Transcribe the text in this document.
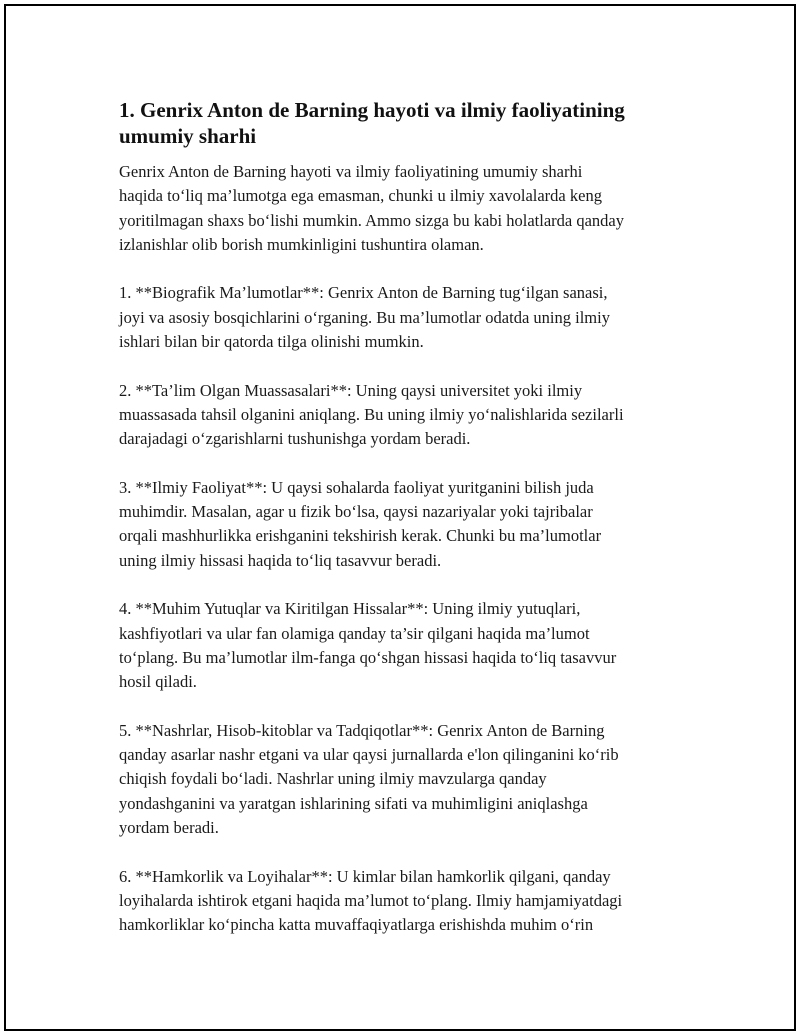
1. Genrix Anton de Barning hayoti va ilmiy faoliyatining
umumiy sharhi

Genrix Anton de Barning hayoti va ilmiy faoliyatining umumiy sharhi
haqida to‘liq ma’lumotga ega emasman, chunki u ilmiy xavolalarda keng
yoritilmagan shaxs bo‘lishi mumkin. Ammo sizga bu kabi holatlarda qanday
izlanishlar olib borish mumkinligini tushuntira olaman.

1. **Biografik Ma’lumotlar**: Genrix Anton de Barning tug‘ilgan sanasi,
joyi va asosiy bosqichlarini o‘rganing. Bu ma’lumotlar odatda uning ilmiy
ishlari bilan bir qatorda tilga olinishi mumkin.

2. **Ta’lim Olgan Muassasalari**: Uning qaysi universitet yoki ilmiy
muassasada tahsil olganini aniqlang. Bu uning ilmiy yo‘nalishlarida sezilarli
darajadagi o‘zgarishlarni tushunishga yordam beradi.

3. **Ilmiy Faoliyat**: U qaysi sohalarda faoliyat yuritganini bilish juda
muhimdir. Masalan, agar u fizik bo‘lsa, qaysi nazariyalar yoki tajribalar
orqali mashhurlikka erishganini tekshirish kerak. Chunki bu ma’lumotlar
uning ilmiy hissasi haqida to‘liq tasavvur beradi.

4. **Muhim Yutuqlar va Kiritilgan Hissalar**: Uning ilmiy yutuqlari,
kashfiyotlari va ular fan olamiga qanday ta’sir qilgani haqida ma’lumot
to‘plang. Bu ma’lumotlar ilm-fanga qo‘shgan hissasi haqida to‘liq tasavvur
hosil qiladi.

5. **Nashrlar, Hisob-kitoblar va Tadqiqotlar**: Genrix Anton de Barning
qanday asarlar nashr etgani va ular qaysi jurnallarda e'lon qilinganini ko‘rib
chiqish foydali bo‘ladi. Nashrlar uning ilmiy mavzularga qanday
yondashganini va yaratgan ishlarining sifati va muhimligini aniqlashga
yordam beradi.

6. **Hamkorlik va Loyihalar**: U kimlar bilan hamkorlik qilgani, qanday
loyihalarda ishtirok etgani haqida ma’lumot to‘plang. Ilmiy hamjamiyatdagi
hamkorliklar ko‘pincha katta muvaffaqiyatlarga erishishda muhim o‘rin
